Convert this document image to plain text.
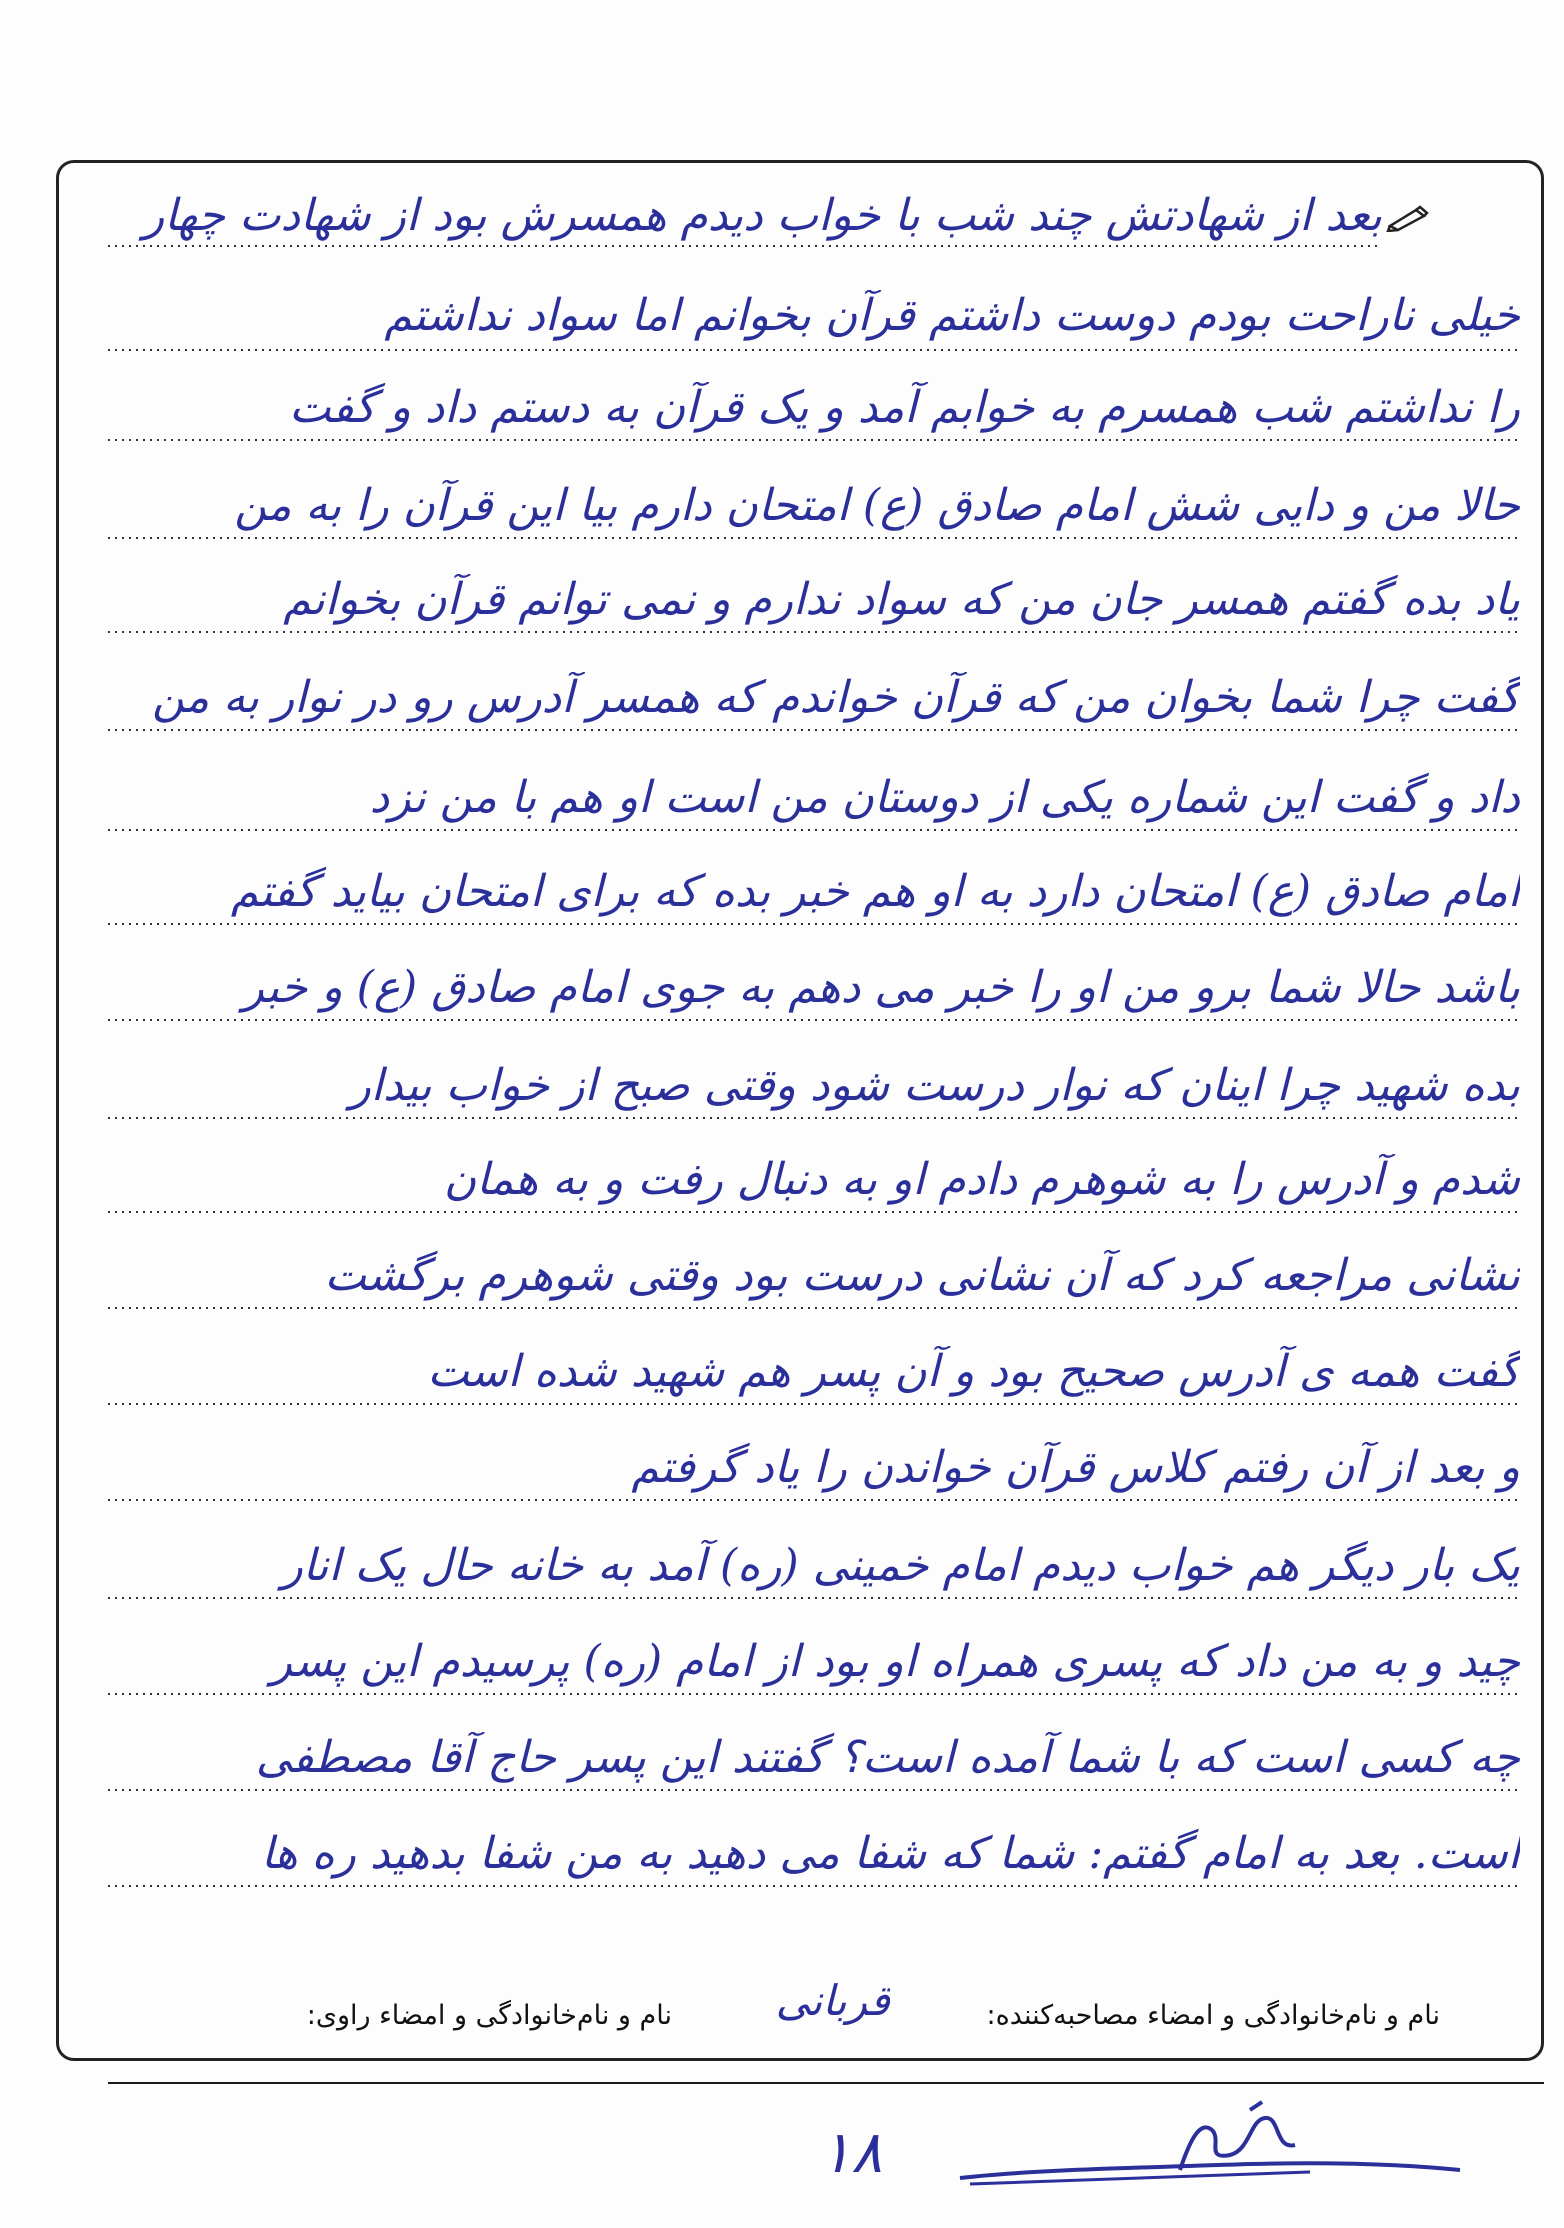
بعد از شهادتش چند شب با خواب دیدم همسرش بود از شهادت چهار
خیلی ناراحت بودم دوست داشتم قرآن بخوانم اما سواد نداشتم
را نداشتم شب همسرم به خوابم آمد و یک قرآن به دستم داد و گفت
حالا من و دایی شش امام صادق (ع) امتحان دارم بیا این قرآن را به من
یاد بده گفتم همسر جان من که سواد ندارم و نمی توانم قرآن بخوانم
گفت چرا شما بخوان من که قرآن خواندم که همسر آدرس رو در نوار به من
داد و گفت این شماره یکی از دوستان من است او هم با من نزد
امام صادق (ع) امتحان دارد به او هم خبر بده که برای امتحان بیاید گفتم
باشد حالا شما برو من او را خبر می دهم به جوی امام صادق (ع) و خبر
بده شهید چرا اینان که نوار درست شود وقتی صبح از خواب بیدار
شدم و آدرس را به شوهرم دادم او به دنبال رفت و به همان
نشانی مراجعه کرد که آن نشانی درست بود وقتی شوهرم برگشت
گفت همه ی آدرس صحیح بود و آن پسر هم شهید شده است
و بعد از آن رفتم کلاس قرآن خواندن را یاد گرفتم
یک بار دیگر هم خواب دیدم امام خمینی (ره) آمد به خانه حال یک انار
چید و به من داد که پسری همراه او بود از امام (ره) پرسیدم این پسر
چه کسی است که با شما آمده است؟ گفتند این پسر حاج آقا مصطفی
است. بعد به امام گفتم: شما که شفا می دهید به من شفا بدهید ره ها
نام و نام‌خانوادگی و امضاء مصاحبه‌کننده:
نام و نام‌خانوادگی و امضاء راوی: قربانی
۱۸
